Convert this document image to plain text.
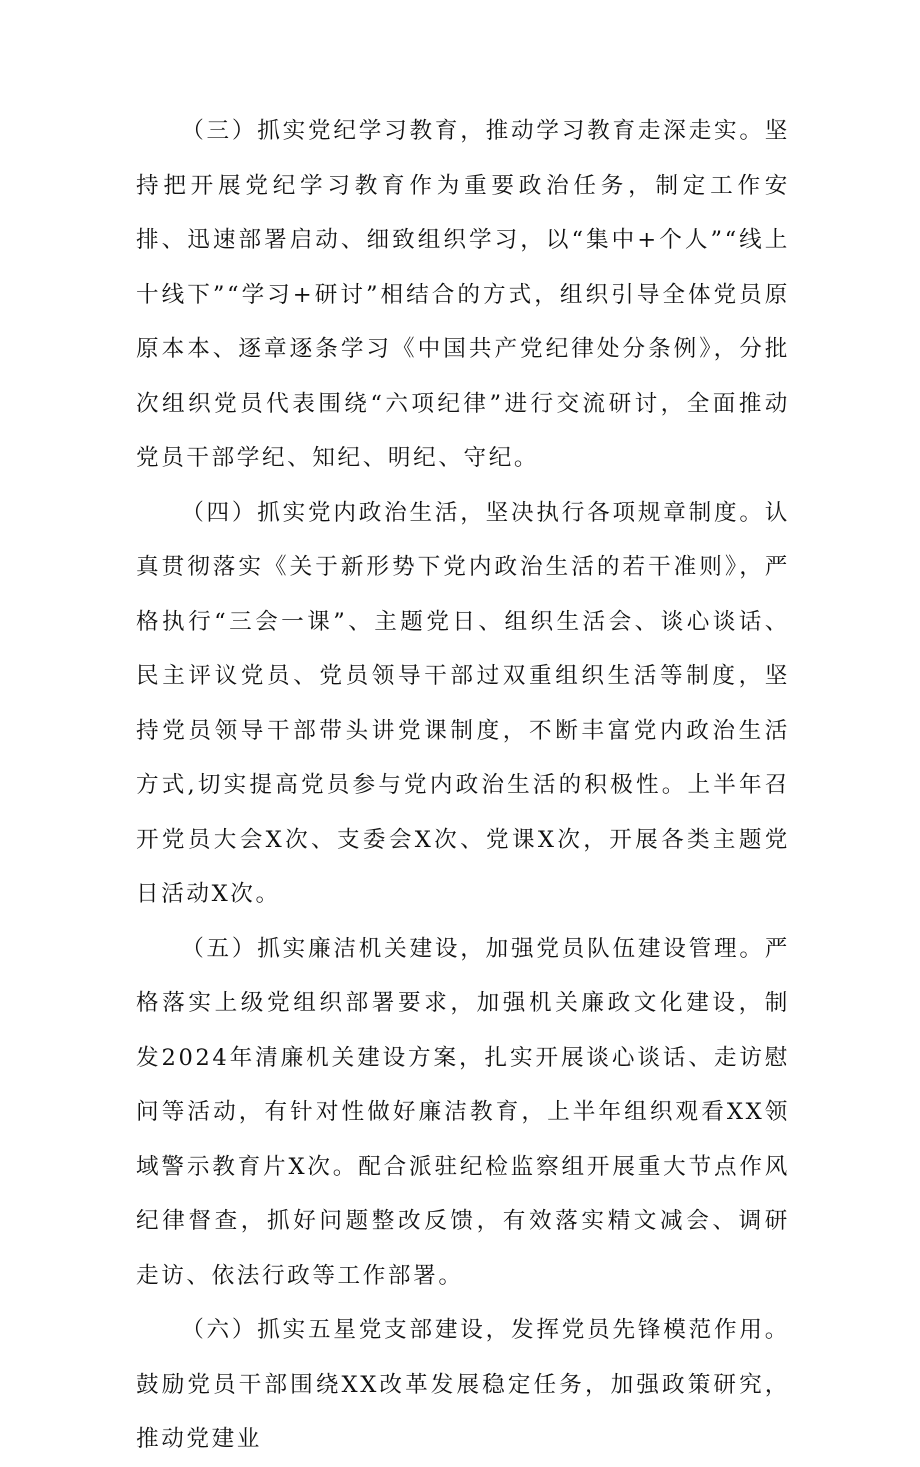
（三）抓实党纪学习教育，推动学习教育走深走实。坚持把开展党纪学习教育作为重要政治任务，制定工作安排、迅速部署启动、细致组织学习，以“集中+个人”“线上十线下”“学习+研讨”相结合的方式，组织引导全体党员原原本本、逐章逐条学习《中国共产党纪律处分条例》，分批次组织党员代表围绕“六项纪律”进行交流研讨，全面推动党员干部学纪、知纪、明纪、守纪。

（四）抓实党内政治生活，坚决执行各项规章制度。认真贯彻落实《关于新形势下党内政治生活的若干准则》，严格执行“三会一课”、主题党日、组织生活会、谈心谈话、民主评议党员、党员领导干部过双重组织生活等制度，坚持党员领导干部带头讲党课制度，不断丰富党内政治生活方式,切实提高党员参与党内政治生活的积极性。上半年召开党员大会X次、支委会X次、党课X次，开展各类主题党日活动X次。

（五）抓实廉洁机关建设，加强党员队伍建设管理。严格落实上级党组织部署要求，加强机关廉政文化建设，制发2024年清廉机关建设方案，扎实开展谈心谈话、走访慰问等活动，有针对性做好廉洁教育，上半年组织观看XX领域警示教育片X次。配合派驻纪检监察组开展重大节点作风纪律督查，抓好问题整改反馈，有效落实精文减会、调研走访、依法行政等工作部署。

（六）抓实五星党支部建设，发挥党员先锋模范作用。鼓励党员干部围绕XX改革发展稳定任务，加强政策研究，推动党建业
